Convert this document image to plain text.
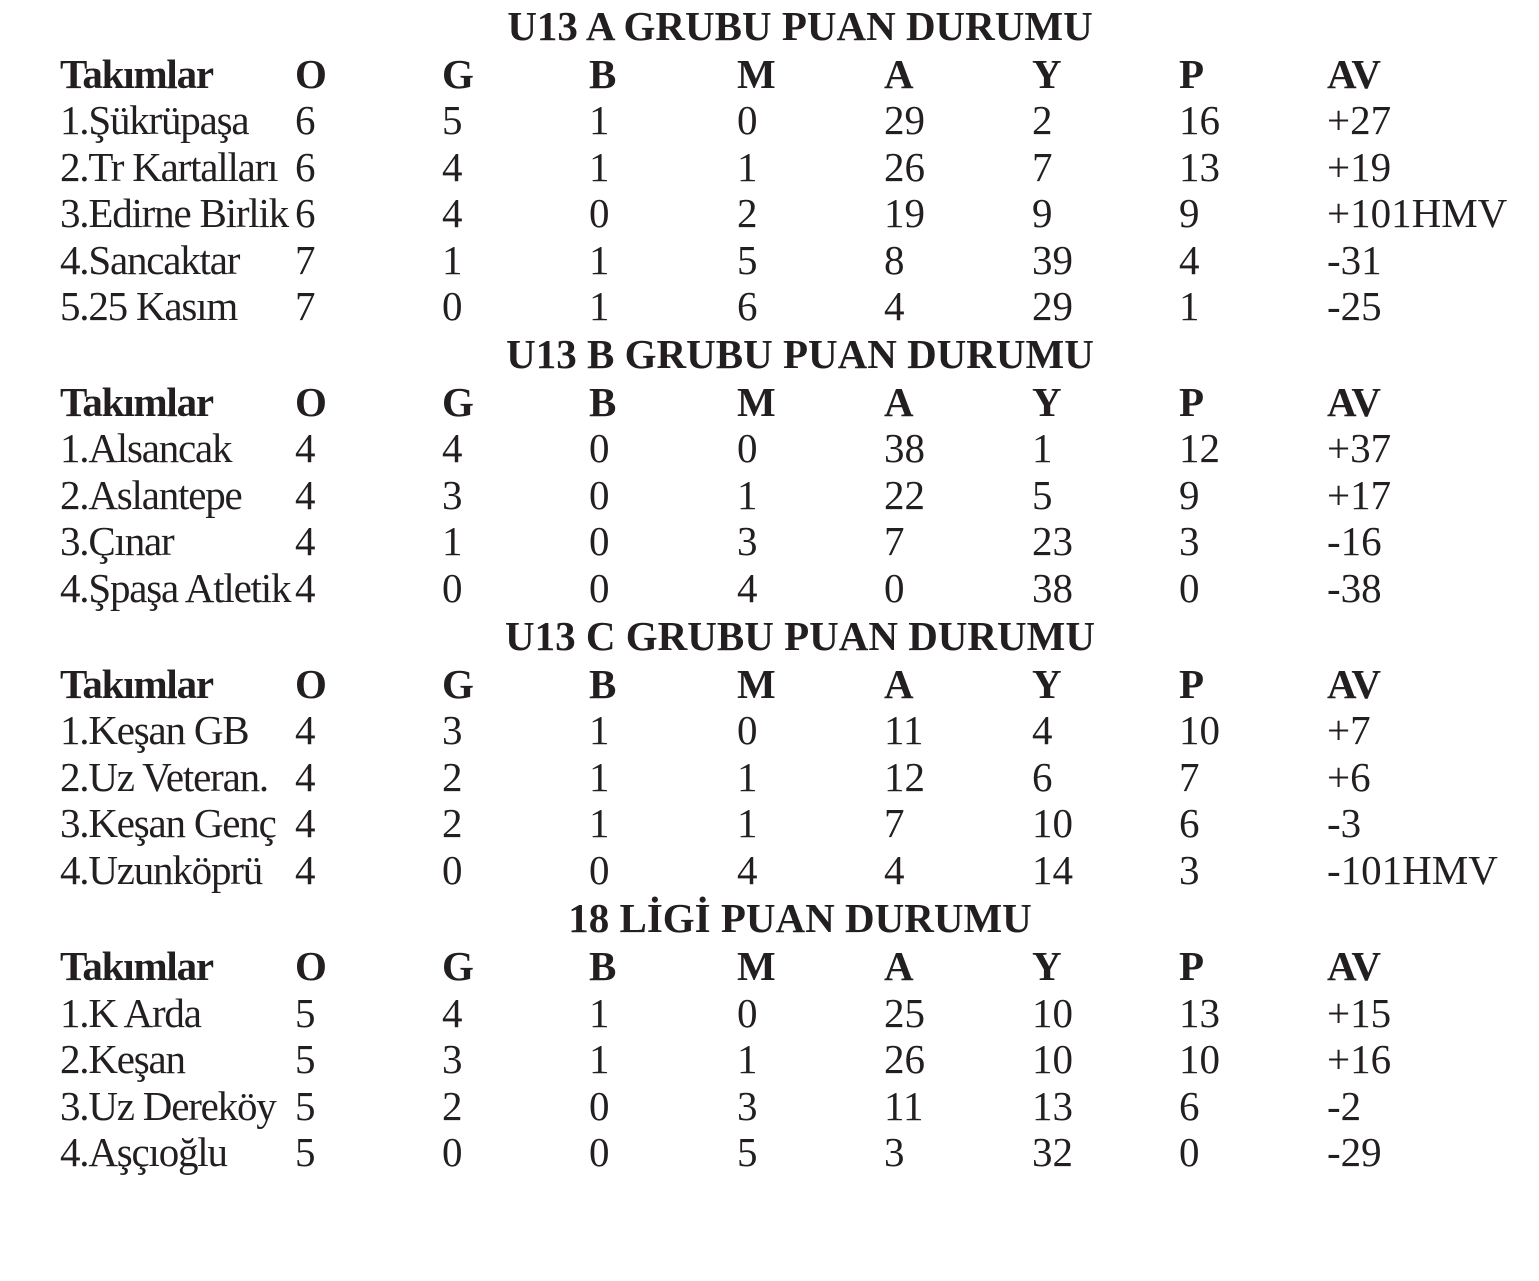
U13 A GRUBU PUAN DURUMU
Takımlar O	G	B	M	A	Y	P	AV
1.Şükrüpaşa 6	5	1	0	29	2	16	+27
2.Tr Kartalları 6	4	1	1	26	7	13	+19
3.Edirne Birlik 6	4	0	2	19	9	9	+101HMV
4.Sancaktar 7	1	1	5	8	39	4	-31
5.25 Kasım 7	0	1	6	4	29	1	-25
U13 B GRUBU PUAN DURUMU
Takımlar O	G	B	M	A	Y	P	AV
1.Alsancak 4	4	0	0	38	1	12	+37
2.Aslantepe 4	3	0	1	22	5	9	+17
3.Çınar	4	1	0	3	7	23	3	-16
4.Şpaşa Atletik 4	0	0	4	0	38	0	-38
U13 C GRUBU PUAN DURUMU
Takımlar O	G	B	M	A	Y	P	AV
1.Keşan GB 4	3	1	0	11	4	10	+7
2.Uz Veteran. 4	2	1	1	12	6	7	+6
3.Keşan Genç 4	2	1	1	7	10	6	-3
4.Uzunköprü 4	0	0	4	4	14	3	-101HMV
18 LİGİ PUAN DURUMU
Takımlar O	G	B	M	A	Y	P	AV
1.K Arda 5	4	1	0	25	10	13	+15
2.Keşan	5	3	1	1	26	10	10	+16
3.Uz Dereköy 5	2	0	3	11	13	6	-2
4.Aşçıoğlu 5	0	0	5	3	32	0	-29
